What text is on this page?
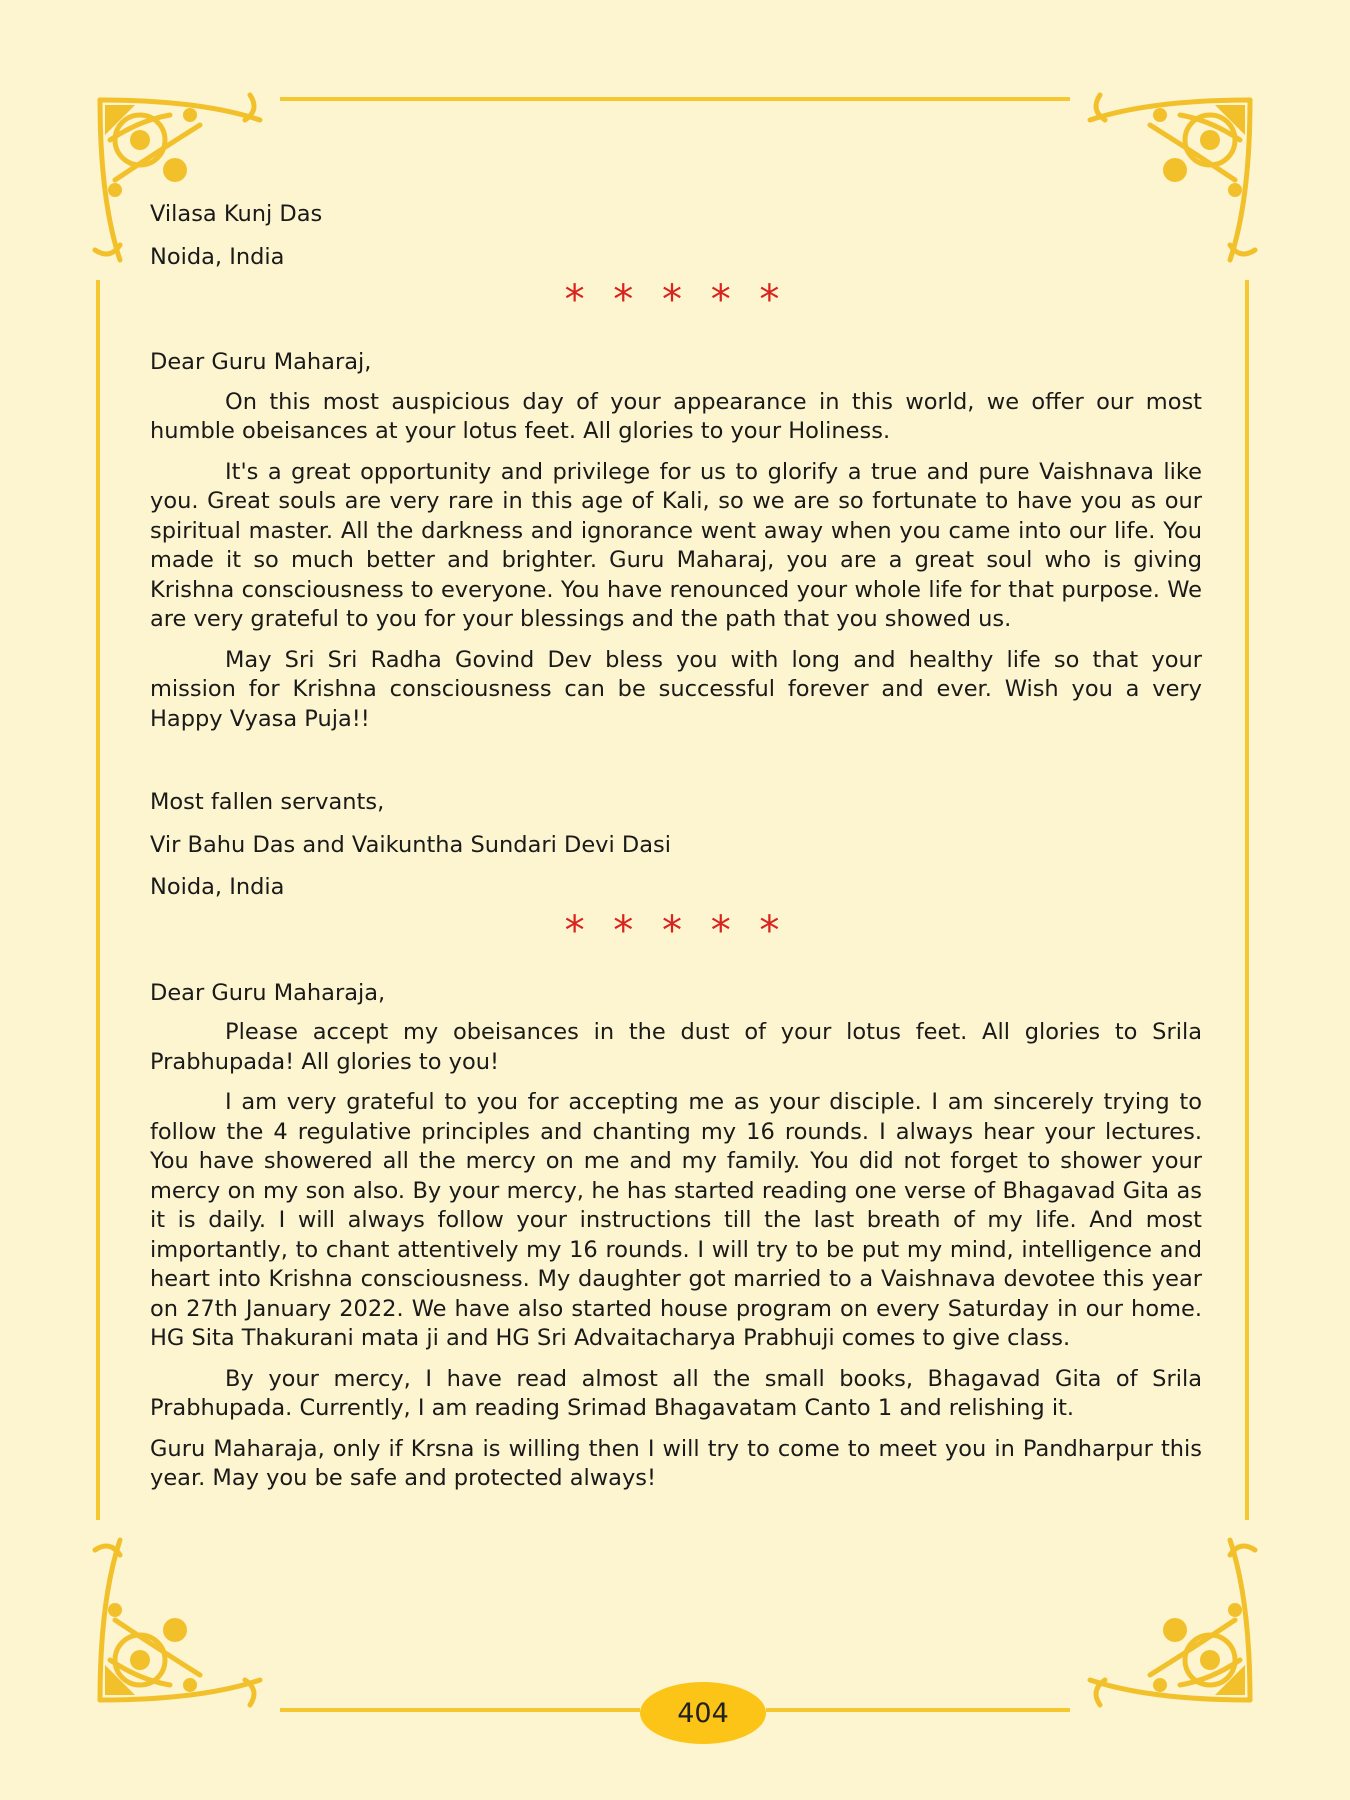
Vilasa Kunj Das

Noida, India

* * * * *

Dear Guru Maharaj,

On this most auspicious day of your appearance in this world, we offer our most humble obeisances at your lotus feet. All glories to your Holiness.

It's a great opportunity and privilege for us to glorify a true and pure Vaishnava like you. Great souls are very rare in this age of Kali, so we are so fortunate to have you as our spiritual master. All the darkness and ignorance went away when you came into our life. You made it so much better and brighter. Guru Maharaj, you are a great soul who is giving Krishna consciousness to everyone. You have renounced your whole life for that purpose. We are very grateful to you for your blessings and the path that you showed us.

May Sri Sri Radha Govind Dev bless you with long and healthy life so that your mission for Krishna consciousness can be successful forever and ever. Wish you a very Happy Vyasa Puja!!

Most fallen servants,

Vir Bahu Das and Vaikuntha Sundari Devi Dasi

Noida, India

* * * * *

Dear Guru Maharaja,

Please accept my obeisances in the dust of your lotus feet. All glories to Srila Prabhupada! All glories to you!

I am very grateful to you for accepting me as your disciple. I am sincerely trying to follow the 4 regulative principles and chanting my 16 rounds. I always hear your lectures. You have showered all the mercy on me and my family. You did not forget to shower your mercy on my son also. By your mercy, he has started reading one verse of Bhagavad Gita as it is daily. I will always follow your instructions till the last breath of my life. And most importantly, to chant attentively my 16 rounds. I will try to be put my mind, intelligence and heart into Krishna consciousness. My daughter got married to a Vaishnava devotee this year on 27th January 2022. We have also started house program on every Saturday in our home. HG Sita Thakurani mata ji and HG Sri Advaitacharya Prabhuji comes to give class.

By your mercy, I have read almost all the small books, Bhagavad Gita of Srila Prabhupada. Currently, I am reading Srimad Bhagavatam Canto 1 and relishing it.

Guru Maharaja, only if Krsna is willing then I will try to come to meet you in Pandharpur this year. May you be safe and protected always!

404
